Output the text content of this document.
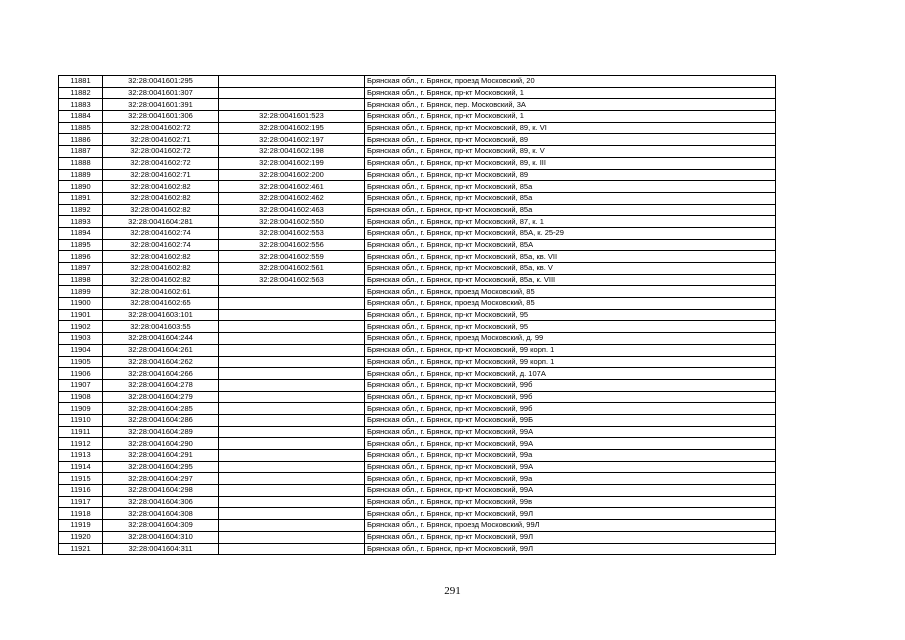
11881	32:28:0041601:295		Брянская обл., г. Брянск, проезд Московский, 20
11882	32:28:0041601:307		Брянская обл., г. Брянск, пр-кт Московский, 1
11883	32:28:0041601:391		Брянская обл., г. Брянск, пер. Московский, 3А
11884	32:28:0041601:306	32:28:0041601:523	Брянская обл., г. Брянск, пр-кт Московский, 1
11885	32:28:0041602:72	32:28:0041602:195	Брянская обл., г. Брянск, пр-кт Московский, 89, к. VI
11886	32:28:0041602:71	32:28:0041602:197	Брянская обл., г. Брянск, пр-кт Московский, 89
11887	32:28:0041602:72	32:28:0041602:198	Брянская обл., г. Брянск, пр-кт Московский, 89, к. V
11888	32:28:0041602:72	32:28:0041602:199	Брянская обл., г. Брянск, пр-кт Московский, 89, к. III
11889	32:28:0041602:71	32:28:0041602:200	Брянская обл., г. Брянск, пр-кт Московский, 89
11890	32:28:0041602:82	32:28:0041602:461	Брянская обл., г. Брянск, пр-кт Московский, 85а
11891	32:28:0041602:82	32:28:0041602:462	Брянская обл., г. Брянск, пр-кт Московский, 85а
11892	32:28:0041602:82	32:28:0041602:463	Брянская обл., г. Брянск, пр-кт Московский, 85а
11893	32:28:0041604:281	32:28:0041602:550	Брянская обл., г. Брянск, пр-кт Московский, 87, к. 1
11894	32:28:0041602:74	32:28:0041602:553	Брянская обл., г. Брянск, пр-кт Московский, 85А, к. 25-29
11895	32:28:0041602:74	32:28:0041602:556	Брянская обл., г. Брянск, пр-кт Московский, 85А
11896	32:28:0041602:82	32:28:0041602:559	Брянская обл., г. Брянск, пр-кт Московский, 85а, кв. VII
11897	32:28:0041602:82	32:28:0041602:561	Брянская обл., г. Брянск, пр-кт Московский, 85а, кв. V
11898	32:28:0041602:82	32:28:0041602:563	Брянская обл., г. Брянск, пр-кт Московский, 85а, к. VIII
11899	32:28:0041602:61		Брянская обл., г. Брянск, проезд Московский, 85
11900	32:28:0041602:65		Брянская обл., г. Брянск, проезд Московский, 85
11901	32:28:0041603:101		Брянская обл., г. Брянск, пр-кт Московский, 95
11902	32:28:0041603:55		Брянская обл., г. Брянск, пр-кт Московский, 95
11903	32:28:0041604:244		Брянская обл., г. Брянск, проезд Московский, д. 99
11904	32:28:0041604:261		Брянская обл., г. Брянск, пр-кт Московский, 99 корп. 1
11905	32:28:0041604:262		Брянская обл., г. Брянск, пр-кт Московский, 99 корп. 1
11906	32:28:0041604:266		Брянская обл., г. Брянск, пр-кт Московский, д. 107А
11907	32:28:0041604:278		Брянская обл., г. Брянск, пр-кт Московский, 99б
11908	32:28:0041604:279		Брянская обл., г. Брянск, пр-кт Московский, 99б
11909	32:28:0041604:285		Брянская обл., г. Брянск, пр-кт Московский, 99б
11910	32:28:0041604:286		Брянская обл., г. Брянск, пр-кт Московский, 99Б
11911	32:28:0041604:289		Брянская обл., г. Брянск, пр-кт Московский, 99А
11912	32:28:0041604:290		Брянская обл., г. Брянск, пр-кт Московский, 99А
11913	32:28:0041604:291		Брянская обл., г. Брянск, пр-кт Московский, 99а
11914	32:28:0041604:295		Брянская обл., г. Брянск, пр-кт Московский, 99А
11915	32:28:0041604:297		Брянская обл., г. Брянск, пр-кт Московский, 99а
11916	32:28:0041604:298		Брянская обл., г. Брянск, пр-кт Московский, 99А
11917	32:28:0041604:306		Брянская обл., г. Брянск, пр-кт Московский, 99в
11918	32:28:0041604:308		Брянская обл., г. Брянск, пр-кт Московский, 99Л
11919	32:28:0041604:309		Брянская обл., г. Брянск, проезд Московский, 99Л
11920	32:28:0041604:310		Брянская обл., г. Брянск, пр-кт Московский, 99Л
11921	32:28:0041604:311		Брянская обл., г. Брянск, пр-кт Московский, 99Л
291
